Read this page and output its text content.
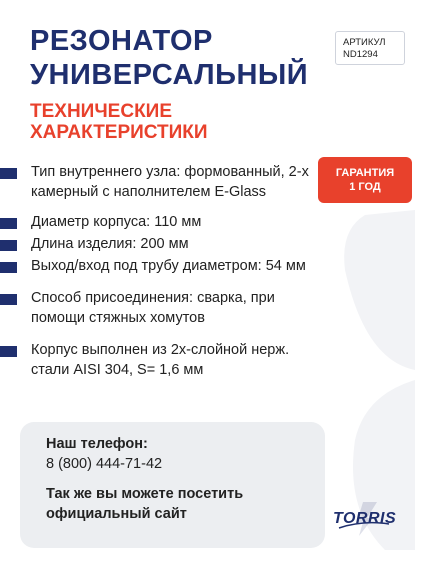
РЕЗОНАТОР
УНИВЕРСАЛЬНЫЙ
ТЕХНИЧЕСКИЕ
ХАРАКТЕРИСТИКИ
АРТИКУЛ
ND1294
ГАРАНТИЯ
1 ГОД

Тип внутреннего узла: формованный, 2-х камерный с наполнителем E-Glass

Диаметр корпуса: 110 мм

Длина изделия: 200 мм

Выход/вход под трубу диаметром: 54 мм

Способ присоединения: сварка, при помощи стяжных хомутов

Корпус выполнен из 2х-слойной нерж. стали AISI 304, S= 1,6 мм

Наш телефон:

8 (800) 444-71-42

Так же вы можете посетить официальный сайт	TORRIS
